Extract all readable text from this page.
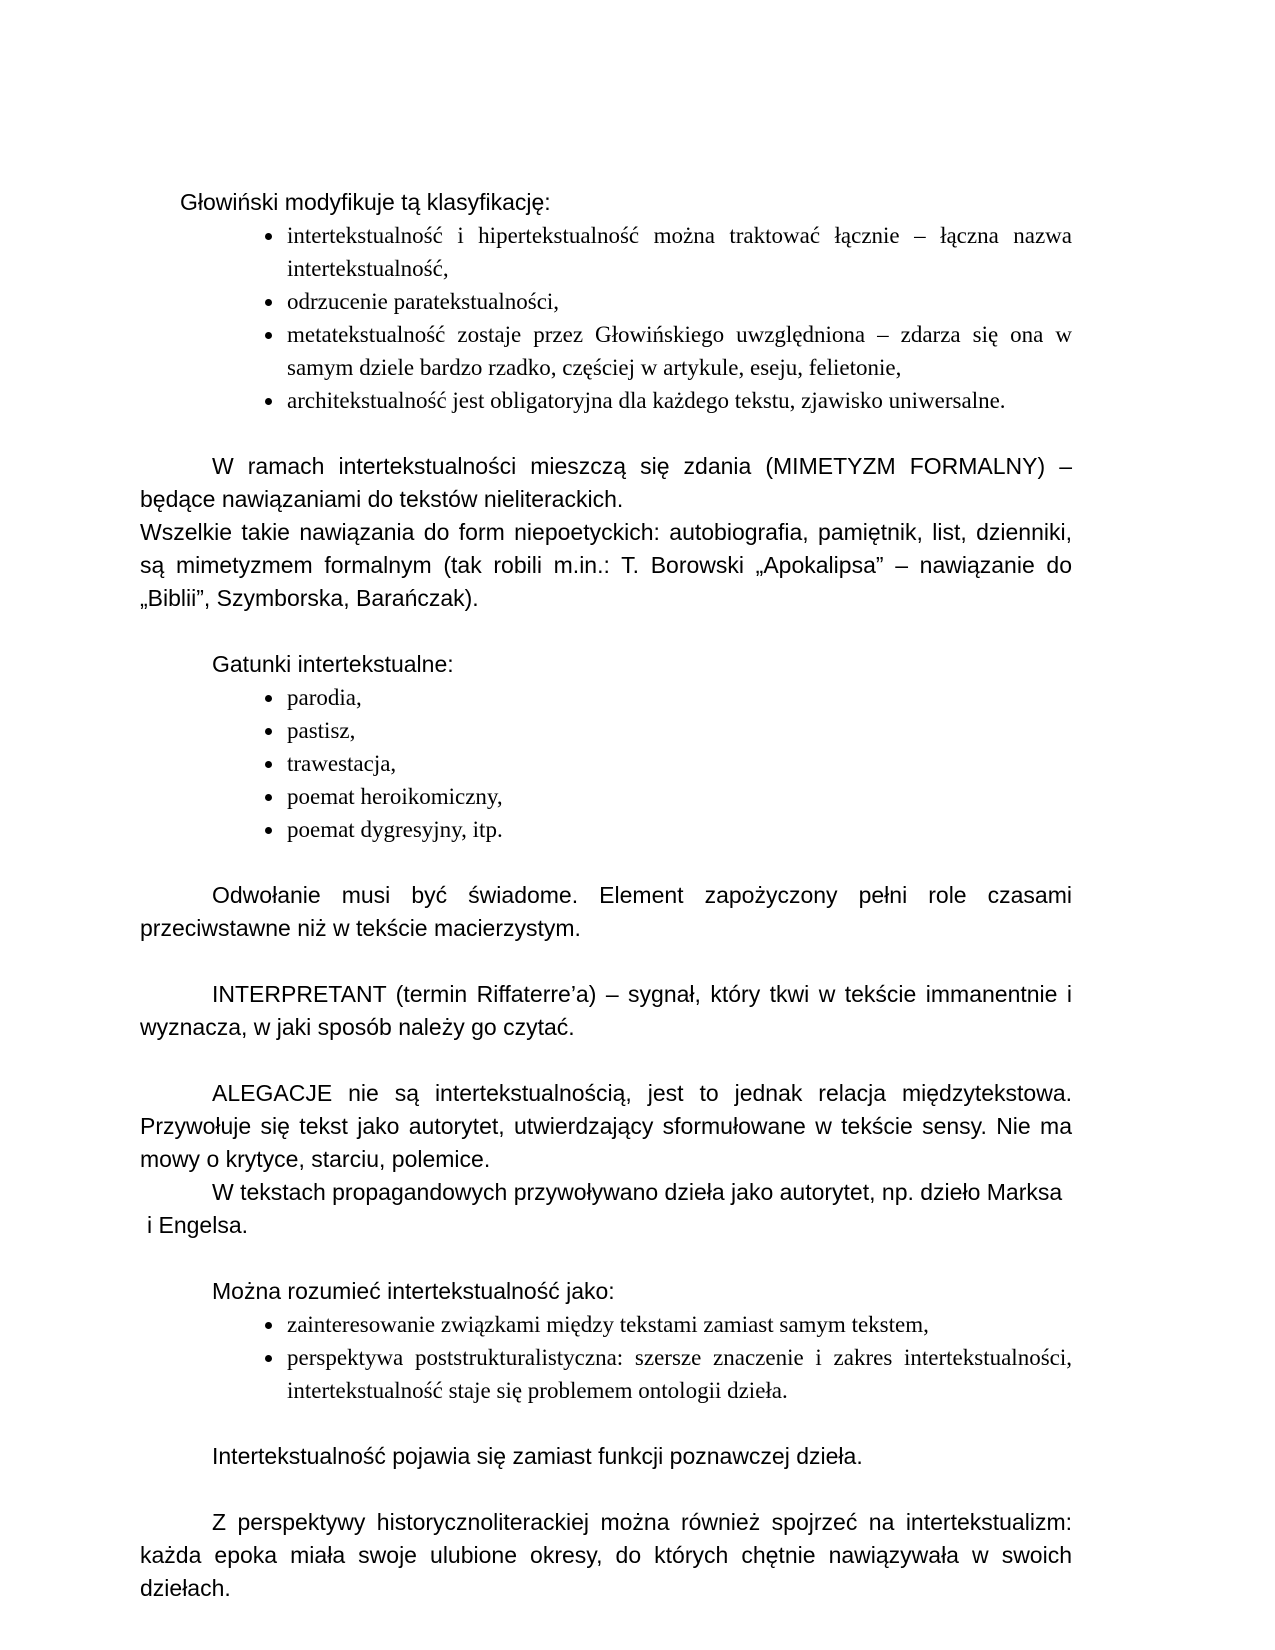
Głowiński modyfikuje tą klasyfikację:

• intertekstualność i hipertekstualność można traktować łącznie – łączna nazwa intertekstualność,
• odrzucenie paratekstualności,
• metatekstualność zostaje przez Głowińskiego uwzględniona – zdarza się ona w samym dziele bardzo rzadko, częściej w artykule, eseju, felietonie,
• architekstualność jest obligatoryjna dla każdego tekstu, zjawisko uniwersalne.

W ramach intertekstualności mieszczą się zdania (MIMETYZM FORMALNY) – będące nawiązaniami do tekstów nieliterackich.

Wszelkie takie nawiązania do form niepoetyckich: autobiografia, pamiętnik, list, dzienniki, są mimetyzmem formalnym (tak robili m.in.: T. Borowski „Apokalipsa” – nawiązanie do „Biblii”, Szymborska, Barańczak).

Gatunki intertekstualne:

• parodia,
• pastisz,
• trawestacja,
• poemat heroikomiczny,
• poemat dygresyjny, itp.

Odwołanie musi być świadome. Element zapożyczony pełni role czasami przeciwstawne niż w tekście macierzystym.

INTERPRETANT (termin Riffaterre’a) – sygnał, który tkwi w tekście immanentnie i wyznacza, w jaki sposób należy go czytać.

ALEGACJE nie są intertekstualnością, jest to jednak relacja międzytekstowa. Przywołuje się tekst jako autorytet, utwierdzający sformułowane w tekście sensy. Nie ma mowy o krytyce, starciu, polemice.

W tekstach propagandowych przywoływano dzieła jako autorytet, np. dzieło Marksa

i Engelsa.

Można rozumieć intertekstualność jako:

• zainteresowanie związkami między tekstami zamiast samym tekstem,
• perspektywa poststrukturalistyczna: szersze znaczenie i zakres intertekstualności, intertekstualność staje się problemem ontologii dzieła.

Intertekstualność pojawia się zamiast funkcji poznawczej dzieła.

Z perspektywy historycznoliterackiej można również spojrzeć na intertekstualizm: każda epoka miała swoje ulubione okresy, do których chętnie nawiązywała w swoich dziełach.
